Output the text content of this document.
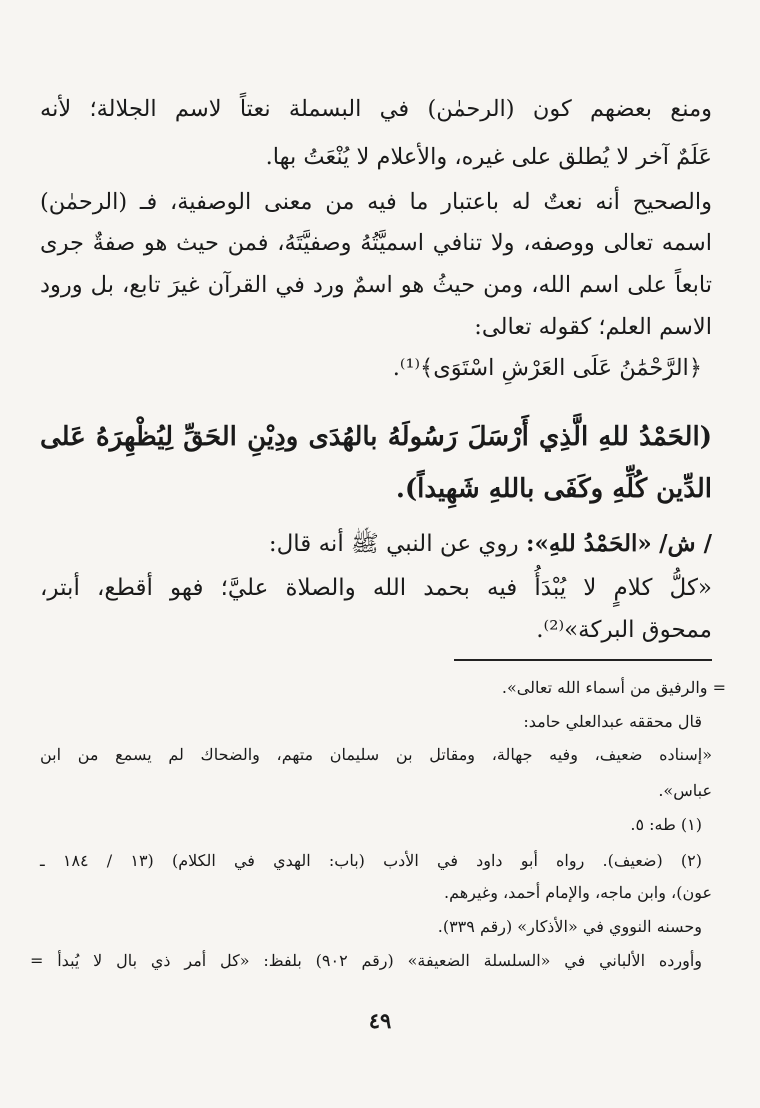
ومنع بعضهم كون (الرحمٰن) في البسملة نعتاً لاسم الجلالة؛ لأنه
عَلَمٌ آخر لا يُطلق على غيره، والأعلام لا يُنْعَتُ بها.
والصحيح أنه نعتٌ له باعتبار ما فيه من معنى الوصفية، فـ (الرحمٰن)
اسمه تعالى ووصفه، ولا تنافي اسميَّتُهُ وصفيَّتَهُ، فمن حيث هو صفةٌ جرى
تابعاً على اسم الله، ومن حيثُ هو اسمٌ ورد في القرآن غيرَ تابع، بل ورود
الاسم العلم؛ كقوله تعالى:
﴿الرَّحْمَٰنُ عَلَى العَرْشِ اسْتَوَى﴾⁽¹⁾.
(الحَمْدُ للهِ الَّذِي أَرْسَلَ رَسُولَهُ بالهُدَى ودِيْنِ الحَقِّ لِيُظْهِرَهُ عَلى
الدِّين كُلِّهِ وكَفَى باللهِ شَهِيداً).
/ ش/ «الحَمْدُ للهِ»: روي عن النبي ﷺ أنه قال:
«كلُّ كلامٍ لا يُبْدَأُ فيه بحمد الله والصلاة عليَّ؛ فهو أقطع، أبتر،
ممحوق البركة»⁽²⁾.
= والرفيق من أسماء الله تعالى».
قال محققه عبدالعلي حامد:
«إسناده ضعيف، وفيه جهالة، ومقاتل بن سليمان متهم، والضحاك لم يسمع من ابن
عباس».
(١) طه: ٥.
(٢) (ضعيف). رواه أبو داود في الأدب (باب: الهدي في الكلام) (١٣ / ١٨٤ ـ
عون)، وابن ماجه، والإمام أحمد، وغيرهم.
وحسنه النووي في «الأذكار» (رقم ٣٣٩).
وأورده الألباني في «السلسلة الضعيفة» (رقم ٩٠٢) بلفظ: «كل أمر ذي بال لا يُبدأ =
٤٩
